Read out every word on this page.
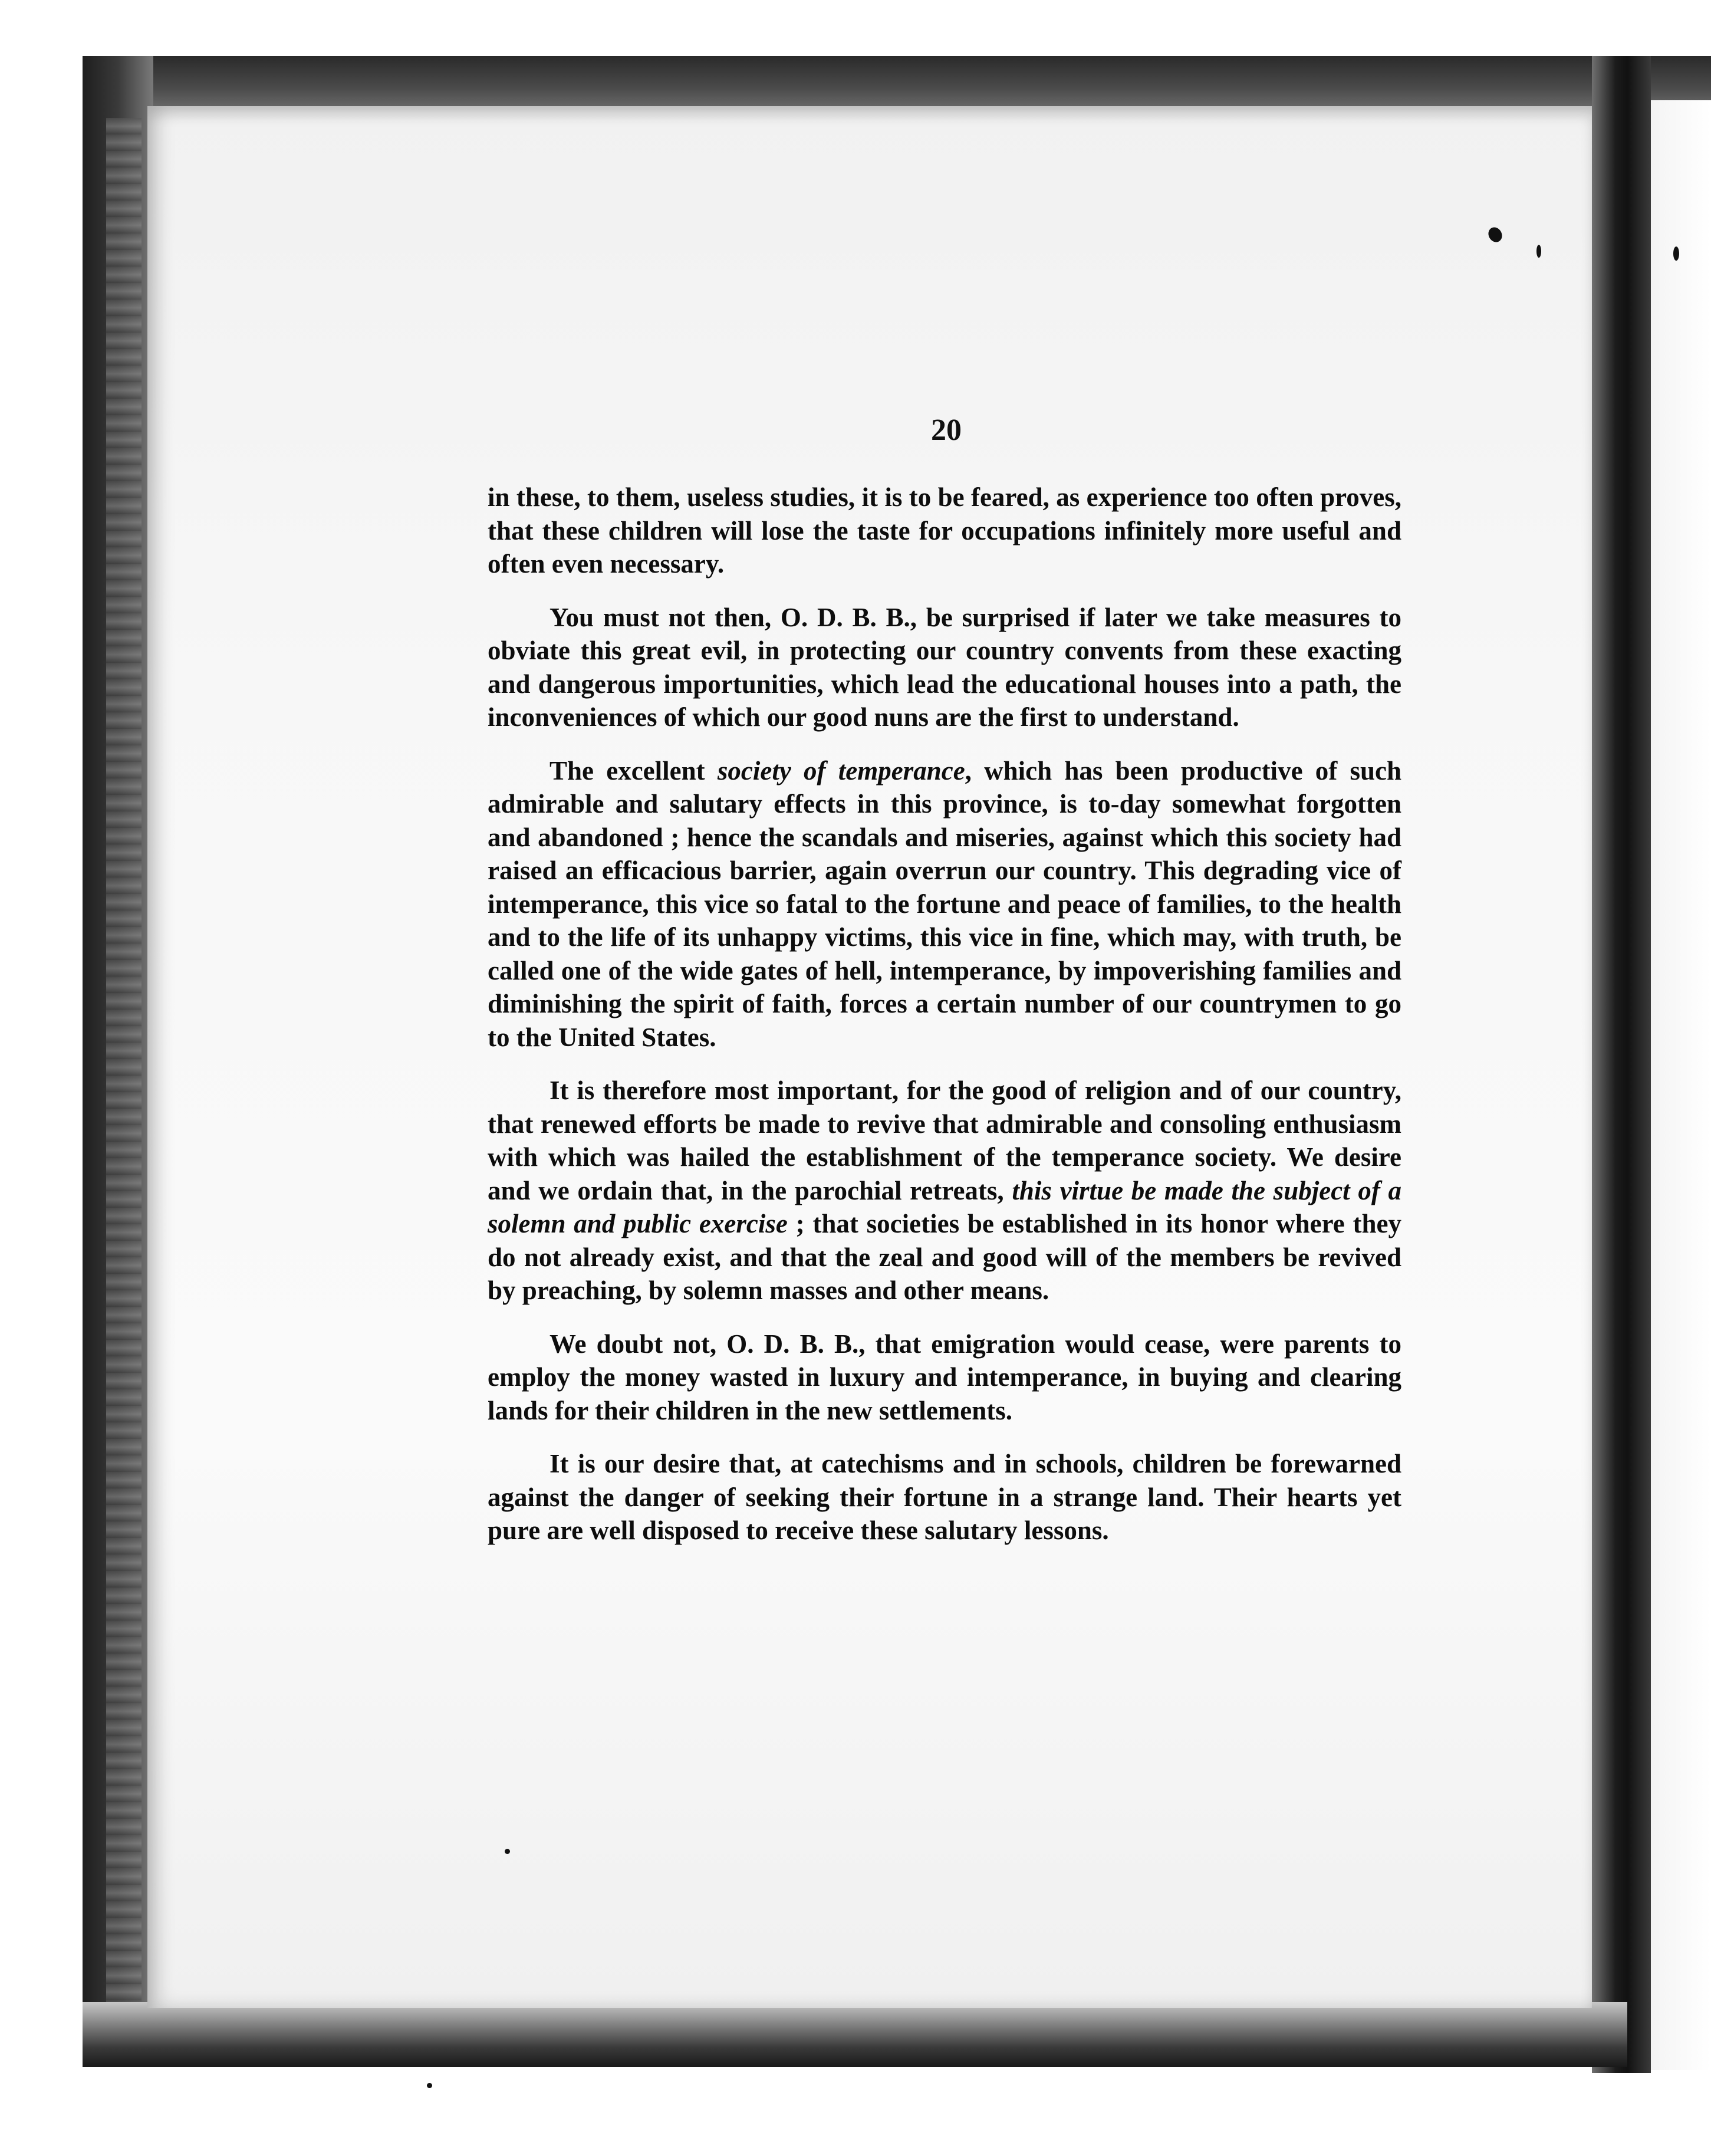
20

in these, to them, useless studies, it is to be feared, as experience too often proves, that these children will lose the taste for occupations infinitely more useful and often even necessary.

You must not then, O. D. B. B., be surprised if later we take measures to obviate this great evil, in protecting our country convents from these exacting and dangerous importunities, which lead the educational houses into a path, the inconveniences of which our good nuns are the first to understand.

The excellent society of temperance, which has been productive of such admirable and salutary effects in this province, is to-day somewhat forgotten and abandoned ; hence the scandals and miseries, against which this society had raised an efficacious barrier, again overrun our country. This degrading vice of intemperance, this vice so fatal to the fortune and peace of families, to the health and to the life of its unhappy victims, this vice in fine, which may, with truth, be called one of the wide gates of hell, intemperance, by impoverishing families and diminishing the spirit of faith, forces a certain number of our countrymen to go to the United States.

It is therefore most important, for the good of religion and of our country, that renewed efforts be made to revive that admirable and consoling enthusiasm with which was hailed the establishment of the temperance society. We desire and we ordain that, in the parochial retreats, this virtue be made the subject of a solemn and public exercise ; that societies be established in its honor where they do not already exist, and that the zeal and good will of the members be revived by preaching, by solemn masses and other means.

We doubt not, O. D. B. B., that emigration would cease, were parents to employ the money wasted in luxury and intemperance, in buying and clearing lands for their children in the new settlements.

It is our desire that, at catechisms and in schools, children be forewarned against the danger of seeking their fortune in a strange land. Their hearts yet pure are well disposed to receive these salutary lessons.
